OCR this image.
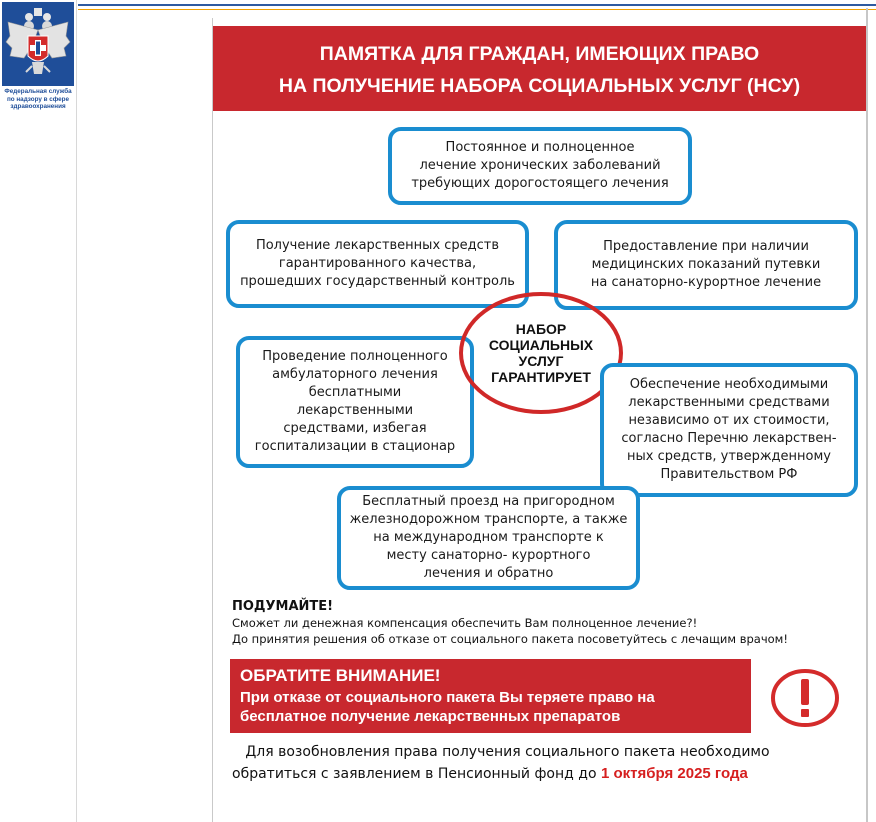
Федеральная служба
по надзору в сфере
здравоохранения
ПАМЯТКА ДЛЯ ГРАЖДАН, ИМЕЮЩИХ ПРАВО
НА ПОЛУЧЕНИЕ НАБОРА СОЦИАЛЬНЫХ УСЛУГ (НСУ)
Постоянное и полноценное
лечение хронических заболеваний
требующих дорогостоящего лечения
Получение лекарственных средств
гарантированного качества,
прошедших государственный контроль
Предоставление при наличии
медицинских показаний путевки
на санаторно-курортное лечение
Проведение полноценного
амбулаторного лечения
бесплатными
лекарственными
средствами, избегая
госпитализации в стационар
НАБОР
СОЦИАЛЬНЫХ
УСЛУГ
ГАРАНТИРУЕТ	Обеспечение необходимыми
лекарственными средствами
независимо от их стоимости,
согласно Перечню лекарствен-
ных средств, утвержденному
Правительством РФ
Бесплатный проезд на пригородном
железнодорожном транспорте, а также
на международном транспорте к
месту санаторно- курортного
лечения и обратно
ПОДУМАЙТЕ!
Сможет ли денежная компенсация обеспечить Вам полноценное лечение?!
До принятия решения об отказе от социального пакета посоветуйтесь с лечащим врачом!
ОБРАТИТЕ ВНИМАНИЕ!
При отказе от социального пакета Вы теряете право на
бесплатное получение лекарственных препаратов
Для возобновления права получения социального пакета необходимо
обратиться с заявлением в Пенсионный фонд до 1 октября 2025 года
